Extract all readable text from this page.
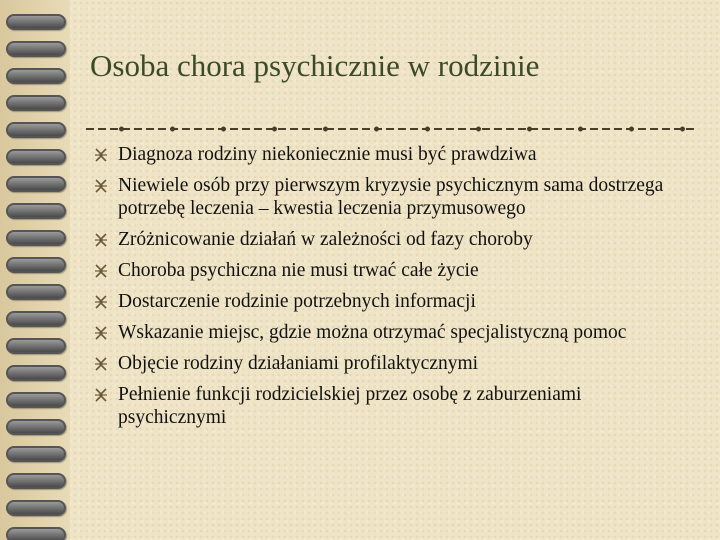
Osoba chora psychicznie w rodzinie
Diagnoza rodziny niekoniecznie musi być prawdziwa
Niewiele osób przy pierwszym kryzysie psychicznym sama dostrzega potrzebę leczenia – kwestia leczenia przymusowego
Zróżnicowanie działań w zależności od fazy choroby
Choroba psychiczna nie musi trwać całe życie
Dostarczenie rodzinie potrzebnych informacji
Wskazanie miejsc, gdzie można otrzymać specjalistyczną pomoc
Objęcie rodziny działaniami profilaktycznymi
Pełnienie funkcji rodzicielskiej przez osobę z zaburzeniami psychicznymi
